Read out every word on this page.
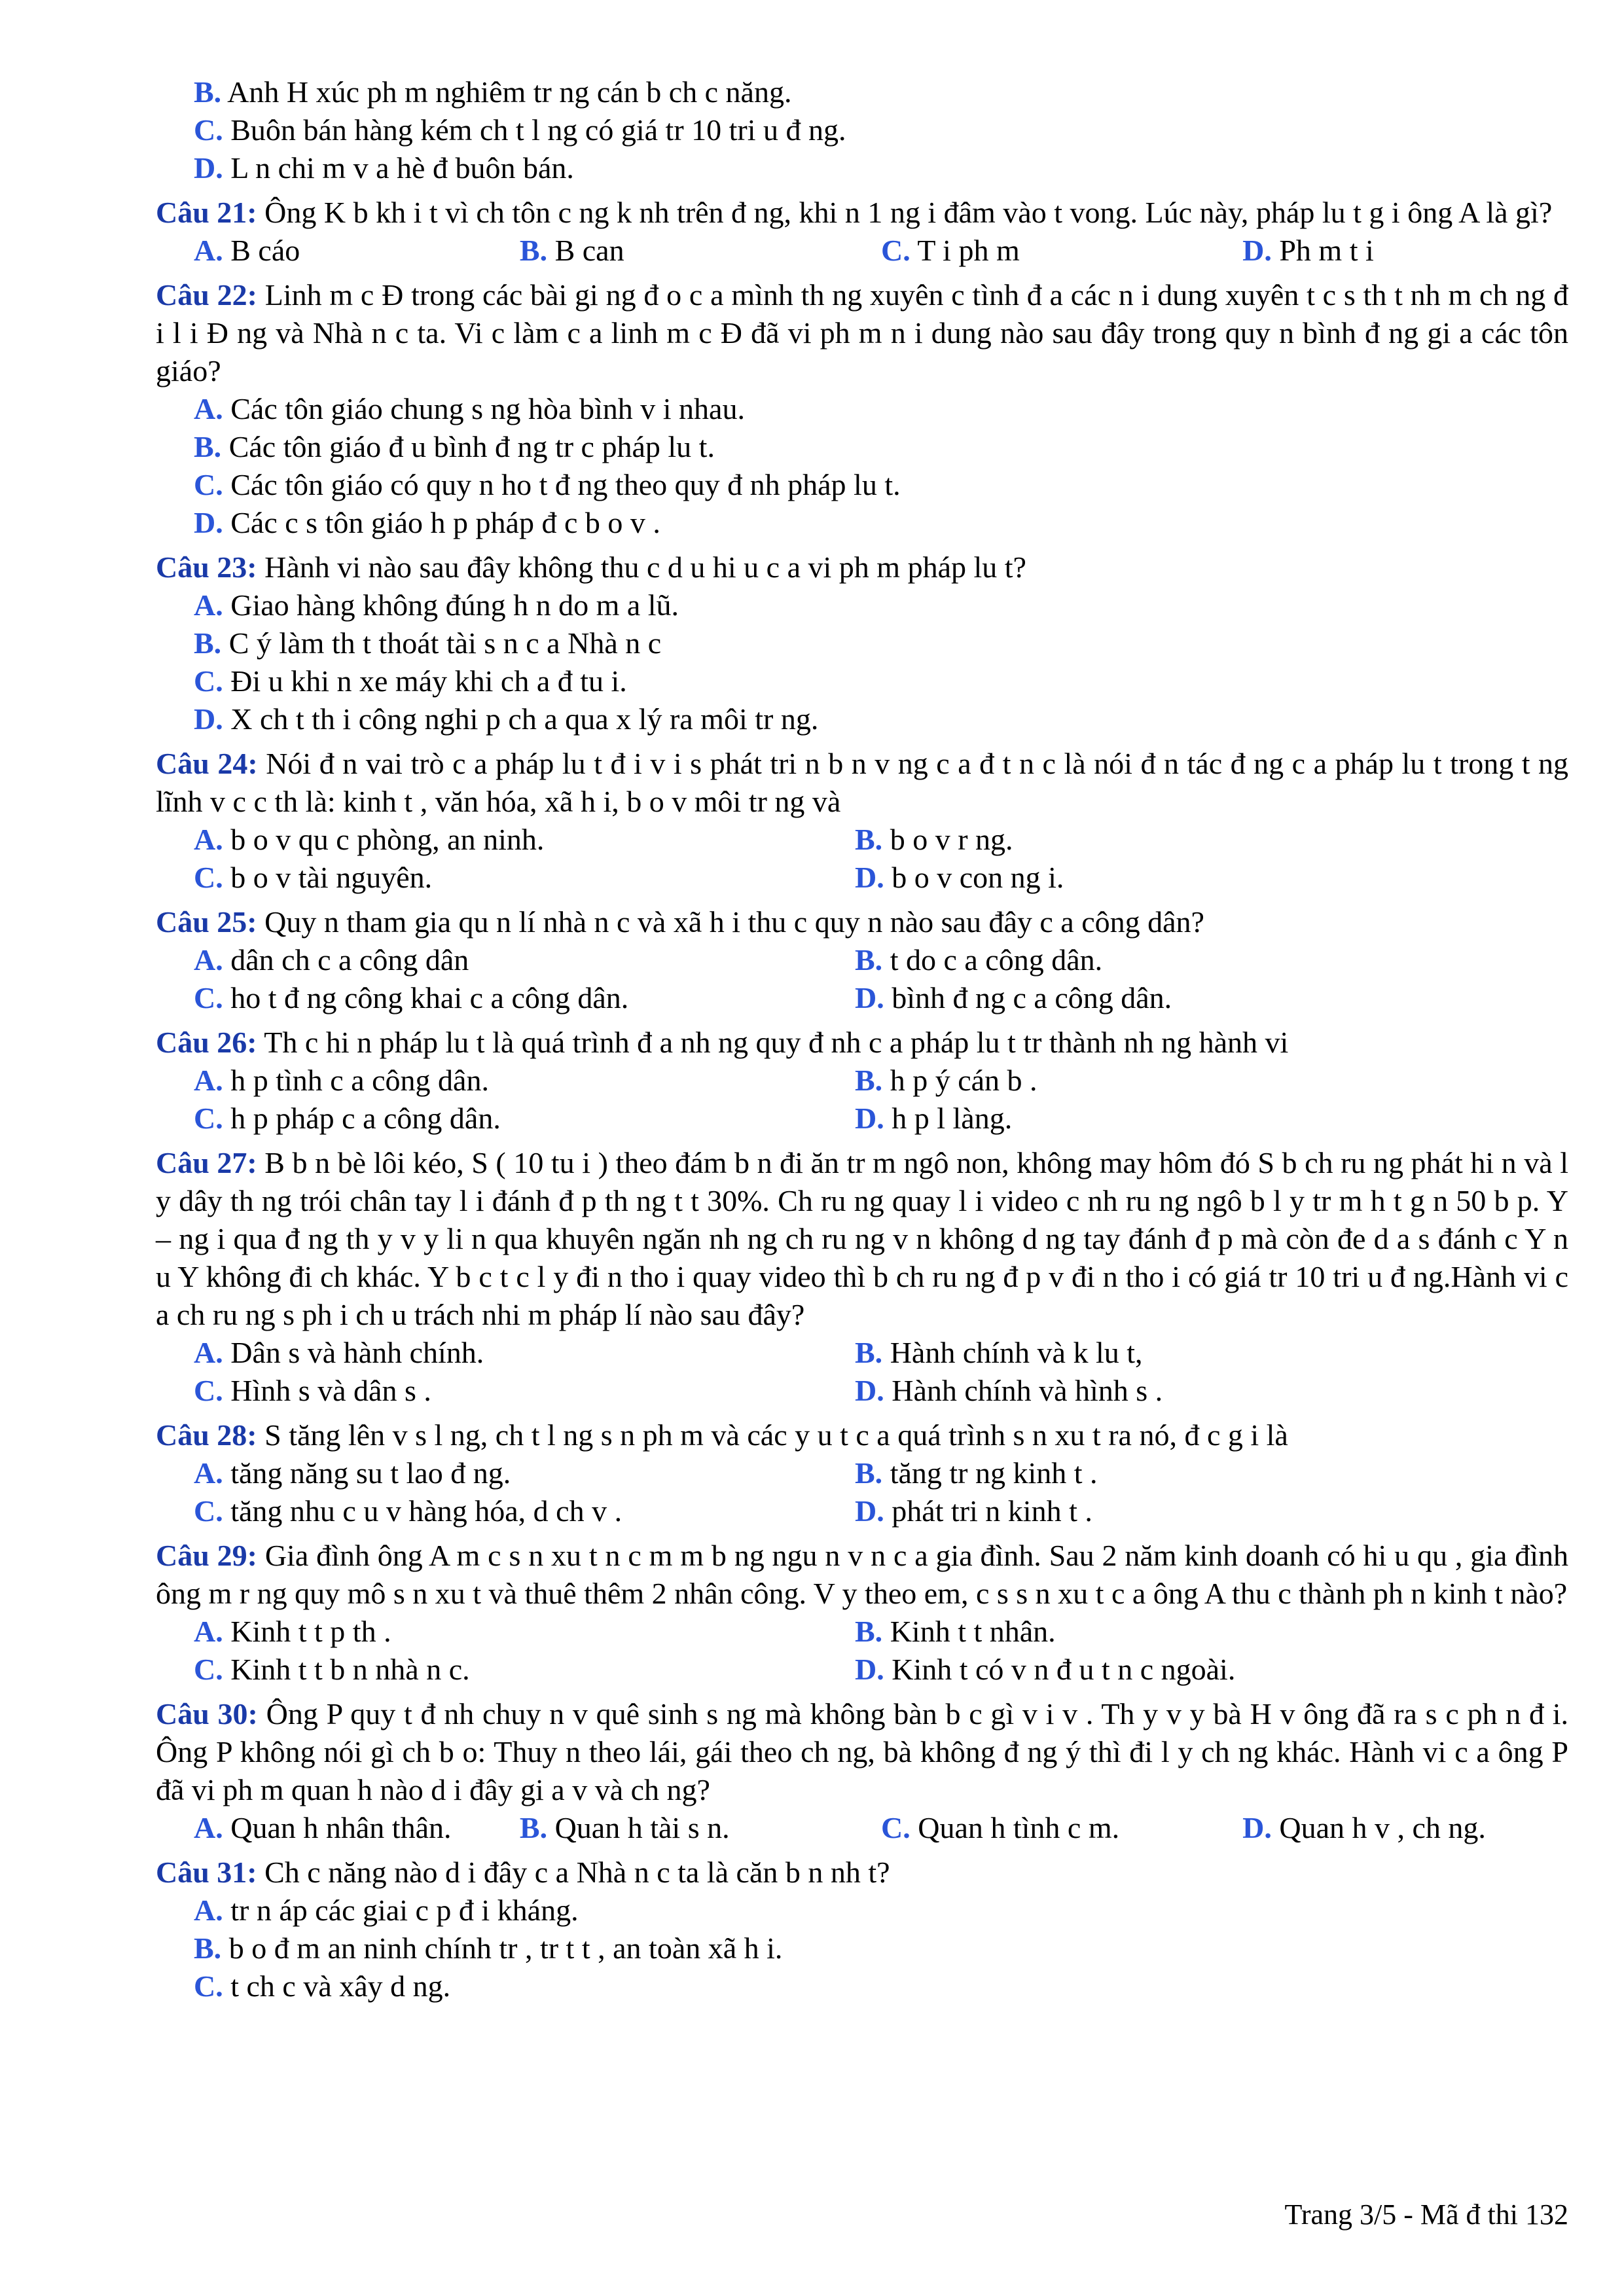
B. Anh H xúc ph m nghiêm tr ng cán b ch c năng.
C. Buôn bán hàng kém ch t l ng có giá tr 10 tri u đ ng.
D. L n chi m v a hè đ buôn bán.
Câu 21: Ông K b kh i t vì ch tôn c ng k nh trên đ ng, khi n 1 ng i đâm vào t vong. Lúc này, pháp lu t g i ông A là gì?
A. B cáo	B. B can	C. T i ph m	D. Ph m t i
Câu 22: Linh m c Đ trong các bài gi ng đ o c a mình th ng xuyên c tình đ a các n i dung xuyên t c s th t nh m ch ng đ i l i Đ ng và Nhà n c ta. Vi c làm c a linh m c Đ đã vi ph m n i dung nào sau đây trong quy n bình đ ng gi a các tôn giáo?
A. Các tôn giáo chung s ng hòa bình v i nhau.
B. Các tôn giáo đ u bình đ ng tr c pháp lu t.
C. Các tôn giáo có quy n ho t đ ng theo quy đ nh pháp lu t.
D. Các c s tôn giáo h p pháp đ c b o v .
Câu 23: Hành vi nào sau đây không thu c d u hi u c a vi ph m pháp lu t?
A. Giao hàng không đúng h n do m a lũ.
B. C ý làm th t thoát tài s n c a Nhà n c
C. Đi u khi n xe máy khi ch a đ tu i.
D. X ch t th i công nghi p ch a qua x lý ra môi tr ng.
Câu 24: Nói đ n vai trò c a pháp lu t đ i v i s phát tri n b n v ng c a đ t n c là nói đ n tác đ ng c a pháp lu t trong t ng lĩnh v c c th là: kinh t , văn hóa, xã h i, b o v môi tr ng và
A. b o v qu c phòng, an ninh.	B. b o v r ng.
C. b o v tài nguyên.	D. b o v con ng i.
Câu 25: Quy n tham gia qu n lí nhà n c và xã h i thu c quy n nào sau đây c a công dân?
A. dân ch c a công dân	B. t do c a công dân.
C. ho t đ ng công khai c a công dân.	D. bình đ ng c a công dân.
Câu 26: Th c hi n pháp lu t là quá trình đ a nh ng quy đ nh c a pháp lu t tr thành nh ng hành vi
A. h p tình c a công dân.	B. h p ý cán b .
C. h p pháp c a công dân.	D. h p l làng.
Câu 27: B b n bè lôi kéo, S ( 10 tu i ) theo đám b n đi ăn tr m ngô non, không may hôm đó S b ch ru ng phát hi n và l y dây th ng trói chân tay l i đánh đ p th ng t t 30%. Ch ru ng quay l i video c nh ru ng ngô b l y tr m h t g n 50 b p. Y – ng i qua đ ng th y v y li n qua khuyên ngăn nh ng ch ru ng v n không d ng tay đánh đ p mà còn đe d a s đánh c Y n u Y không đi ch khác. Y b c t c l y đi n tho i quay video thì b ch ru ng đ p v đi n tho i có giá tr 10 tri u đ ng.Hành vi c a ch ru ng s ph i ch u trách nhi m pháp lí nào sau đây?
A. Dân s và hành chính.	B. Hành chính và k lu t,
C. Hình s và dân s .	D. Hành chính và hình s .
Câu 28: S tăng lên v s l ng, ch t l ng s n ph m và các y u t c a quá trình s n xu t ra nó, đ c g i là
A. tăng năng su t lao đ ng.	B. tăng tr ng kinh t .
C. tăng nhu c u v hàng hóa, d ch v .	D. phát tri n kinh t .
Câu 29: Gia đình ông A m c s n xu t n c m m b ng ngu n v n c a gia đình. Sau 2 năm kinh doanh có hi u qu , gia đình ông m r ng quy mô s n xu t và thuê thêm 2 nhân công. V y theo em, c s s n xu t c a ông A thu c thành ph n kinh t nào?
A. Kinh t t p th .	B. Kinh t t nhân.
C. Kinh t t b n nhà n c.	D. Kinh t có v n đ u t n c ngoài.
Câu 30: Ông P quy t đ nh chuy n v quê sinh s ng mà không bàn b c gì v i v . Th y v y bà H v ông đã ra s c ph n đ i. Ông P không nói gì ch b o: Thuy n theo lái, gái theo ch ng, bà không đ ng ý thì đi l y ch ng khác. Hành vi c a ông P đã vi ph m quan h nào d i đây gi a v và ch ng?
A. Quan h nhân thân.	B. Quan h tài s n.	C. Quan h tình c m.	D. Quan h v , ch ng.
Câu 31: Ch c năng nào d i đây c a Nhà n c ta là căn b n nh t?
A. tr n áp các giai c p đ i kháng.
B. b o đ m an ninh chính tr , tr t t , an toàn xã h i.
C. t ch c và xây d ng.
Trang 3/5 - Mã đ thi 132
